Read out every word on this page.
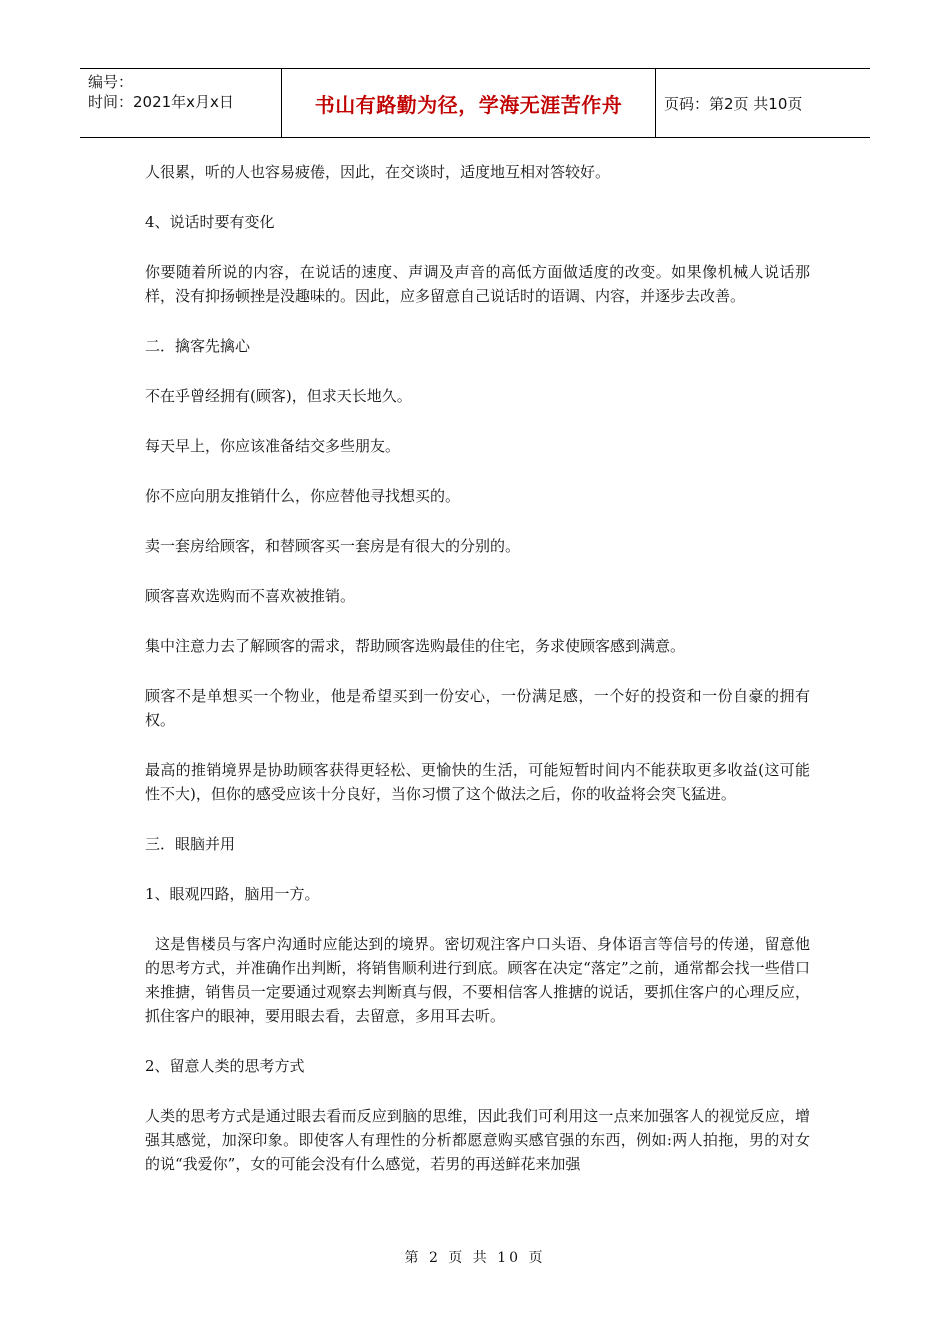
编号：
时间：2021年x月x日	书山有路勤为径，学海无涯苦作舟	页码：第2页 共10页

人很累，听的人也容易疲倦，因此，在交谈时，适度地互相对答较好。

4、说话时要有变化

你要随着所说的内容，在说话的速度、声调及声音的高低方面做适度的改变。如果像机械人说话那样，没有抑扬顿挫是没趣味的。因此，应多留意自己说话时的语调、内容，并逐步去改善。

二．擒客先擒心

不在乎曾经拥有(顾客)，但求天长地久。

每天早上，你应该准备结交多些朋友。

你不应向朋友推销什么，你应替他寻找想买的。

卖一套房给顾客，和替顾客买一套房是有很大的分别的。

顾客喜欢选购而不喜欢被推销。

集中注意力去了解顾客的需求，帮助顾客选购最佳的住宅，务求使顾客感到满意。

顾客不是单想买一个物业，他是希望买到一份安心，一份满足感，一个好的投资和一份自豪的拥有权。

最高的推销境界是协助顾客获得更轻松、更愉快的生活，可能短暂时间内不能获取更多收益(这可能性不大)，但你的感受应该十分良好，当你习惯了这个做法之后，你的收益将会突飞猛进。

三．眼脑并用

1、眼观四路，脑用一方。

这是售楼员与客户沟通时应能达到的境界。密切观注客户口头语、身体语言等信号的传递，留意他的思考方式，并准确作出判断，将销售顺利进行到底。顾客在决定“落定”之前，通常都会找一些借口来推搪，销售员一定要通过观察去判断真与假，不要相信客人推搪的说话，要抓住客户的心理反应，抓住客户的眼神，要用眼去看，去留意，多用耳去听。

2、留意人类的思考方式

人类的思考方式是通过眼去看而反应到脑的思维，因此我们可利用这一点来加强客人的视觉反应，增强其感觉，加深印象。即使客人有理性的分析都愿意购买感官强的东西，例如:两人拍拖，男的对女的说“我爱你”，女的可能会没有什么感觉，若男的再送鲜花来加强

第 2 页 共 10 页
